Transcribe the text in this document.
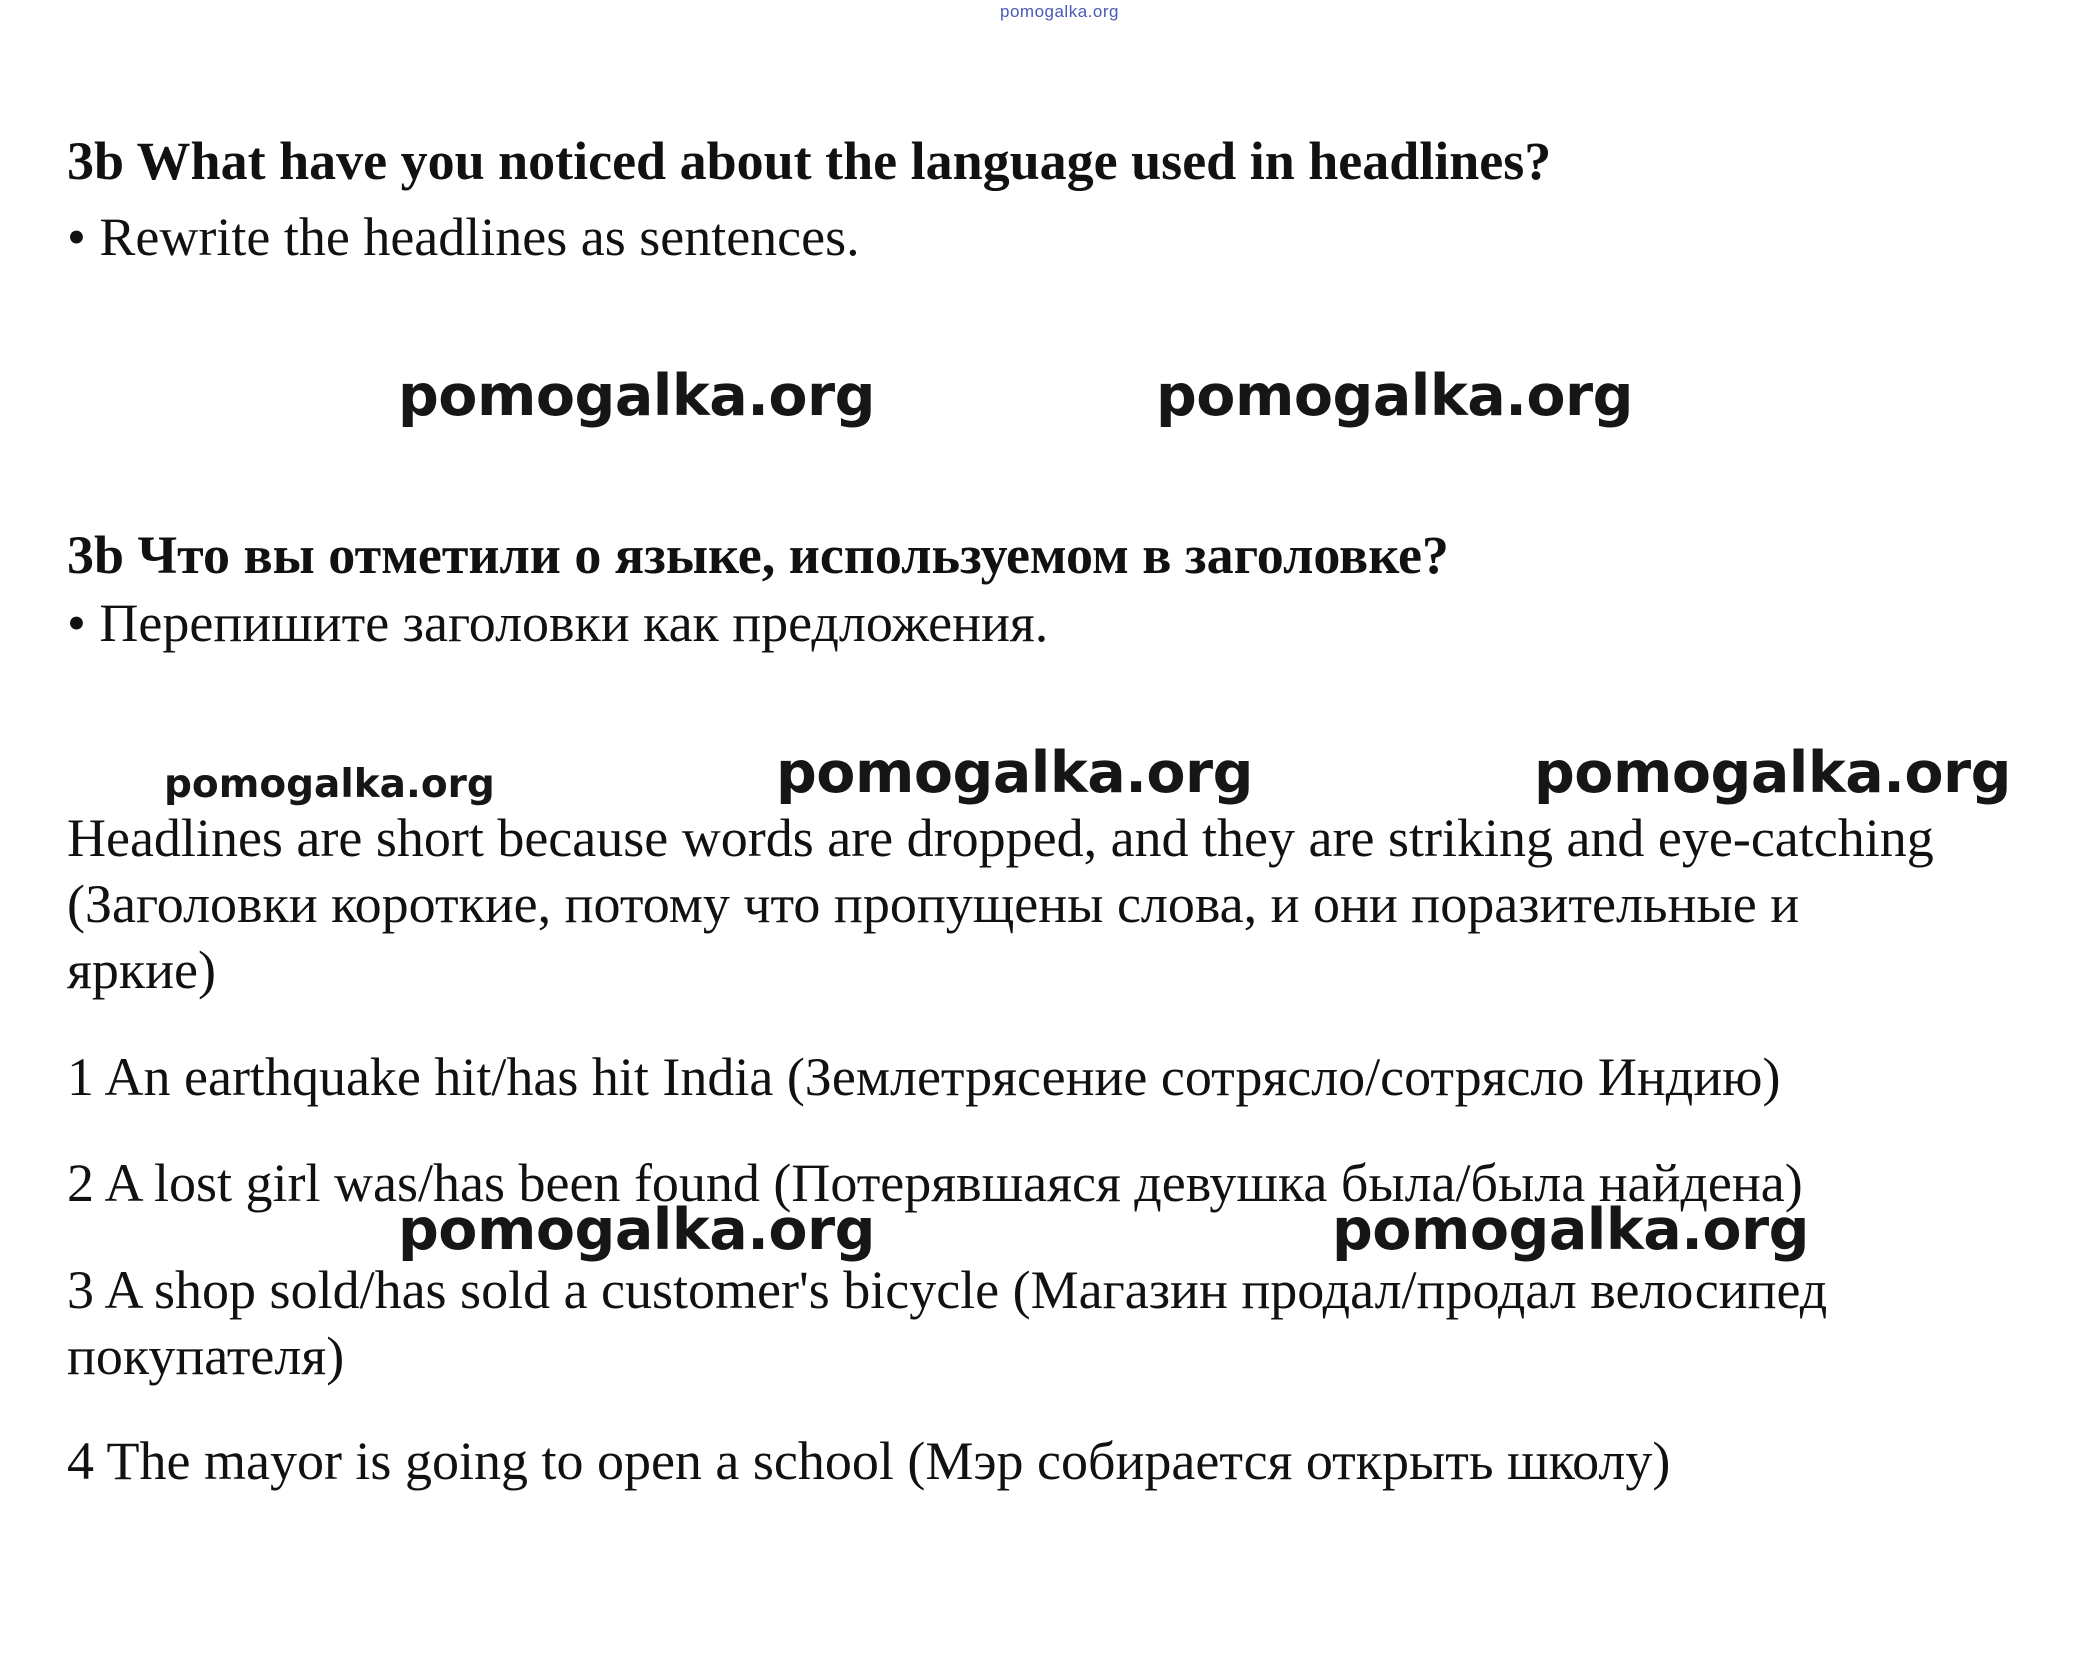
pomogalka.org
3b What have you noticed about the language used in headlines?
• Rewrite the headlines as sentences.
pomogalka.org	pomogalka.org
3b Что вы отметили о языке, используемом в заголовке?
• Перепишите заголовки как предложения.
pomogalka.org	pomogalka.org	pomogalka.org
Headlines are short because words are dropped, and they are striking and eye-catching (Заголовки короткие, потому что пропущены слова, и они поразительные и яркие)
1 An earthquake hit/has hit India (Землетрясение сотрясло/сотрясло Индию)
2 A lost girl was/has been found (Потерявшаяся девушка была/была найдена)
pomogalka.org	pomogalka.org
3 A shop sold/has sold a customer's bicycle (Магазин продал/продал велосипед покупателя)
4 The mayor is going to open a school (Мэр собирается открыть школу)
